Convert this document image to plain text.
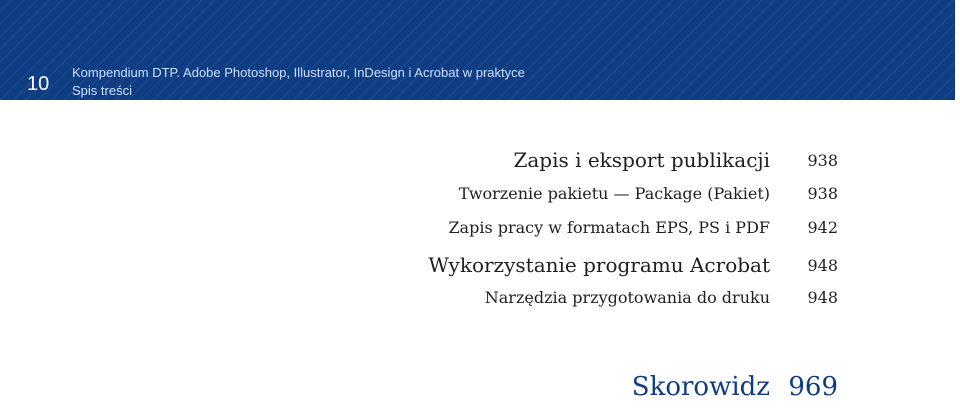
10
Kompendium DTP. Adobe Photoshop, Illustrator, InDesign i Acrobat w praktyce
Spis treści
Zapis i eksport publikacji 938
Tworzenie pakietu — Package (Pakiet) 938
Zapis pracy w formatach EPS, PS i PDF 942
Wykorzystanie programu Acrobat 948
Narzędzia przygotowania do druku 948
Skorowidz 969
